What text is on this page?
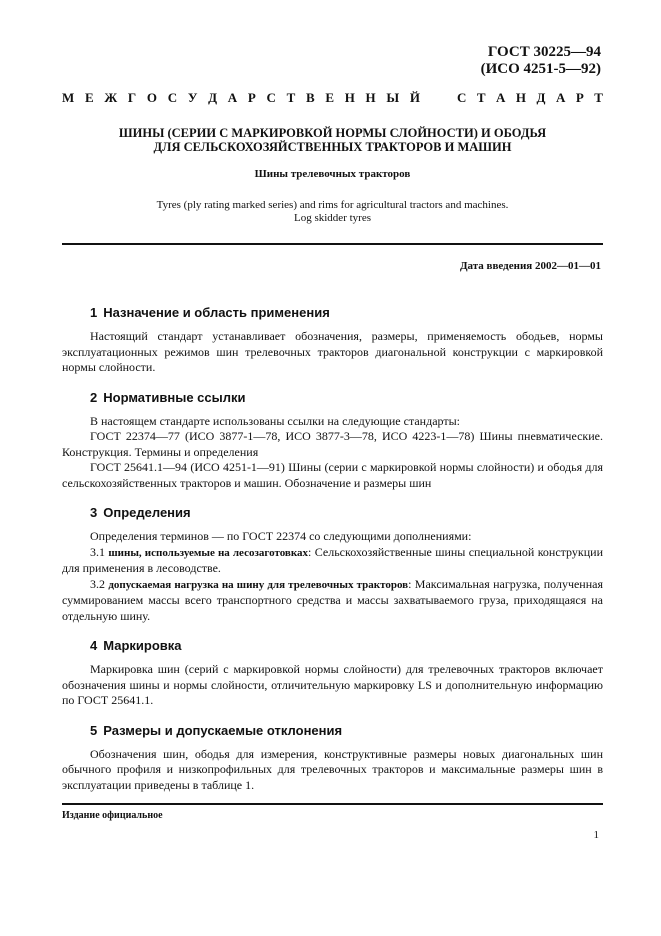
ГОСТ 30225—94
(ИСО 4251-5—92)
М Е Ж Г О С У Д А Р С Т В Е Н Н Ы Й	С Т А Н Д А Р Т
ШИНЫ (СЕРИИ С МАРКИРОВКОЙ НОРМЫ СЛОЙНОСТИ) И ОБОДЬЯ
ДЛЯ СЕЛЬСКОХОЗЯЙСТВЕННЫХ ТРАКТОРОВ И МАШИН
Шины трелевочных тракторов
Tyres (ply rating marked series) and rims for agricultural tractors and machines.
Log skidder tyres
Дата введения 2002—01—01
1 Назначение и область применения

Настоящий стандарт устанавливает обозначения, размеры, применяемость ободьев, нормы эксплуатационных режимов шин трелевочных тракторов диагональной конструкции с маркировкой нормы слойности.

2 Нормативные ссылки

В настоящем стандарте использованы ссылки на следующие стандарты:

ГОСТ 22374—77 (ИСО 3877-1—78, ИСО 3877-3—78, ИСО 4223-1—78) Шины пневматические. Конструкция. Термины и определения

ГОСТ 25641.1—94 (ИСО 4251-1—91) Шины (серии с маркировкой нормы слойности) и ободья для сельскохозяйственных тракторов и машин. Обозначение и размеры шин

3 Определения

Определения терминов — по ГОСТ 22374 со следующими дополнениями:

3.1 шины, используемые на лесозаготовках: Сельскохозяйственные шины специальной конструкции для применения в лесоводстве.

3.2 допускаемая нагрузка на шину для трелевочных тракторов: Максимальная нагрузка, полученная суммированием массы всего транспортного средства и массы захватываемого груза, приходящаяся на отдельную шину.

4 Маркировка

Маркировка шин (серий с маркировкой нормы слойности) для трелевочных тракторов включает обозначения шины и нормы слойности, отличительную маркировку LS и дополнительную информацию по ГОСТ 25641.1.

5 Размеры и допускаемые отклонения

Обозначения шин, ободья для измерения, конструктивные размеры новых диагональных шин обычного профиля и низкопрофильных для трелевочных тракторов и максимальные размеры шин в эксплуатации приведены в таблице 1.

Издание официальное
1
